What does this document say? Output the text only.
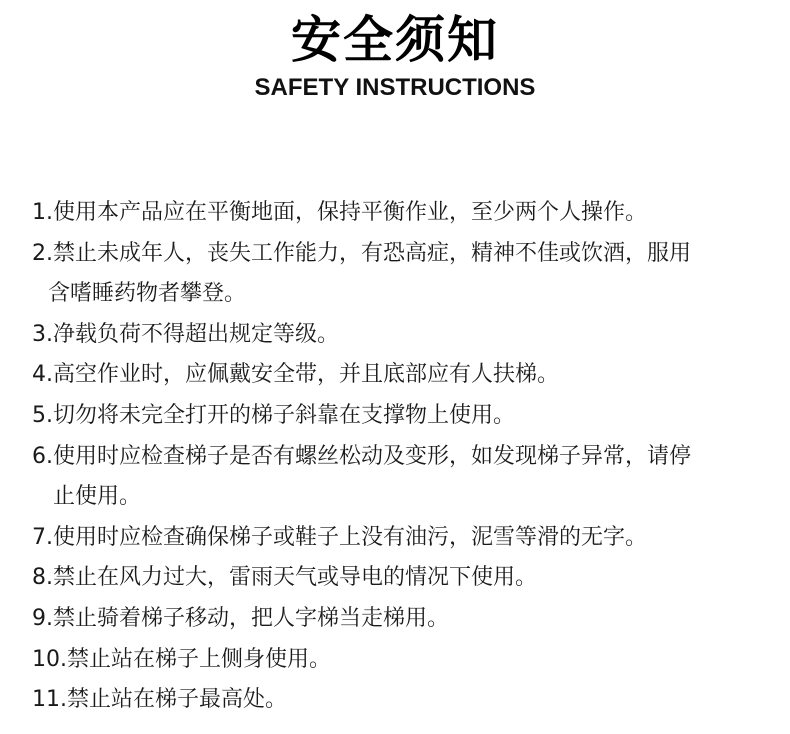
安全须知
SAFETY INSTRUCTIONS
1.使用本产品应在平衡地面，保持平衡作业，至少两个人操作。
2.禁止未成年人，丧失工作能力，有恐高症，精神不佳或饮酒，服用
含嗜睡药物者攀登。
3.净载负荷不得超出规定等级。
4.高空作业时，应佩戴安全带，并且底部应有人扶梯。
5.切勿将未完全打开的梯子斜靠在支撑物上使用。
6.使用时应检查梯子是否有螺丝松动及变形，如发现梯子异常，请停
止使用。
7.使用时应检查确保梯子或鞋子上没有油污，泥雪等滑的无字。
8.禁止在风力过大，雷雨天气或导电的情况下使用。
9.禁止骑着梯子移动，把人字梯当走梯用。
10.禁止站在梯子上侧身使用。
11.禁止站在梯子最高处。
